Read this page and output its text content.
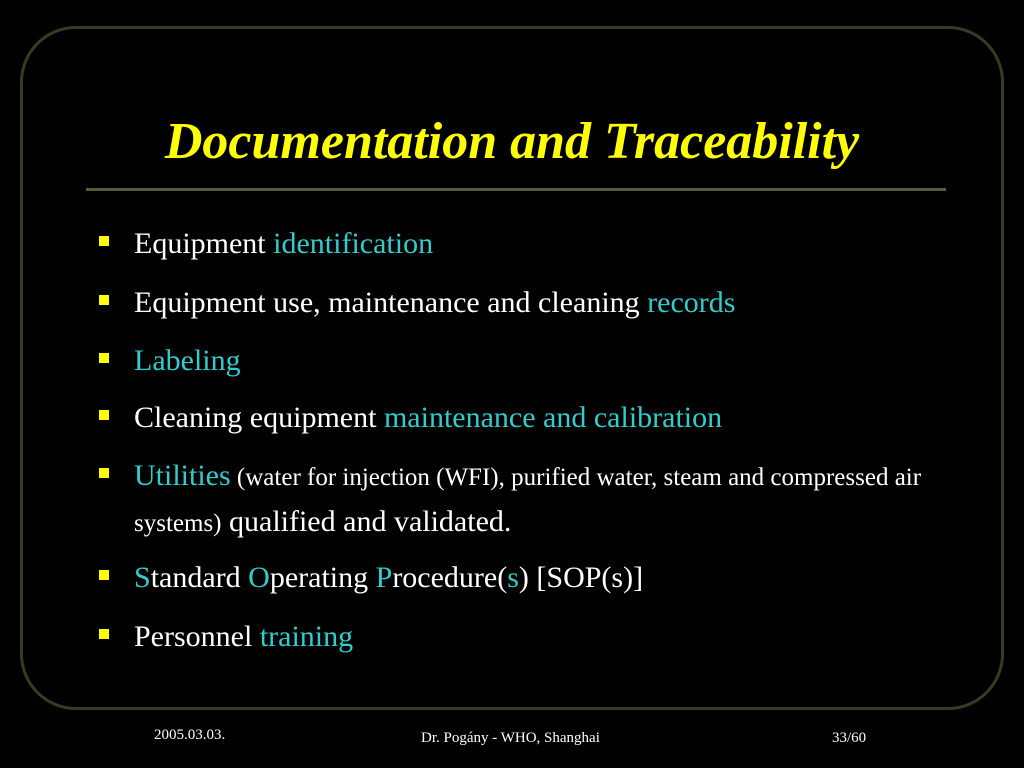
Documentation and Traceability
Equipment identification
Equipment use, maintenance and cleaning records
Labeling
Cleaning equipment maintenance and calibration
Utilities (water for injection (WFI), purified water, steam and compressed air systems) qualified and validated.
Standard Operating Procedure(s) [SOP(s)]
Personnel training
2005.03.03.	Dr. Pogány - WHO, Shanghai	33/60
